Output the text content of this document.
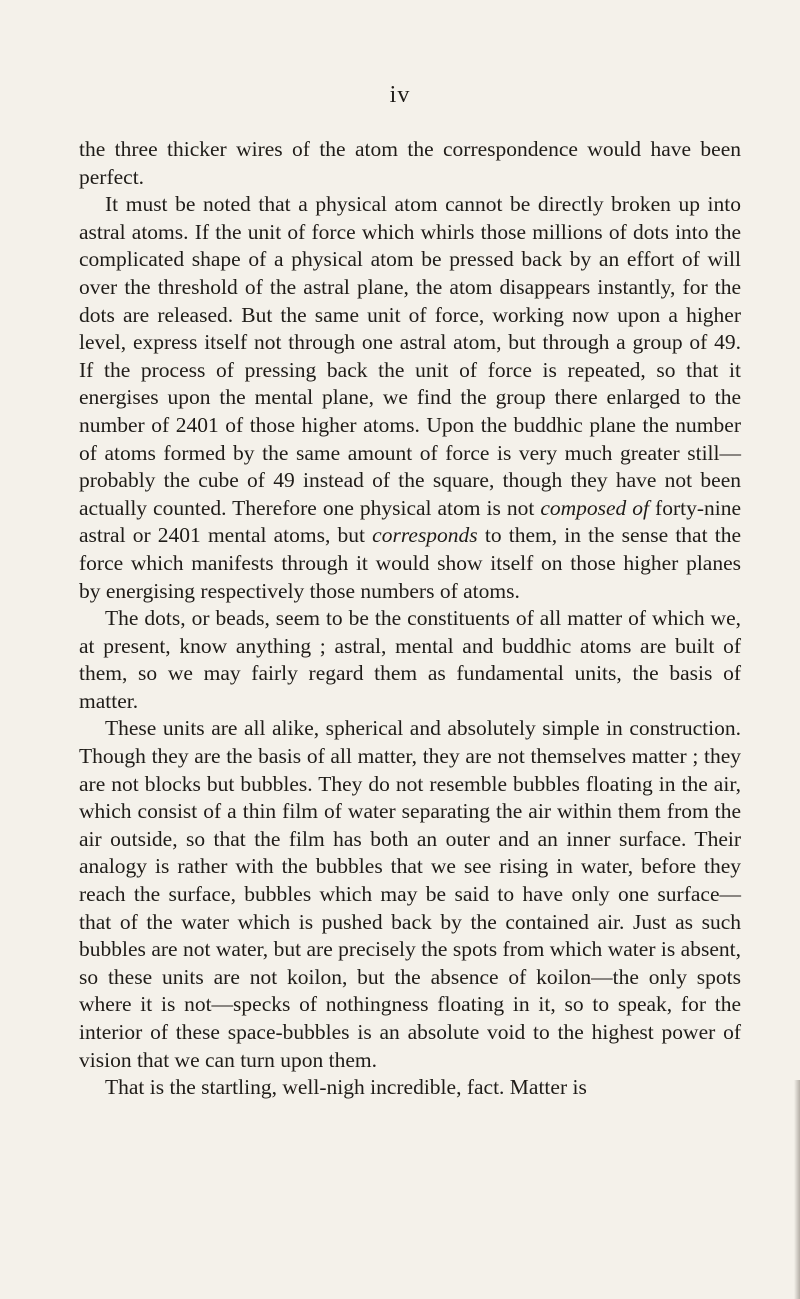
iv

the three thicker wires of the atom the correspondence would have been perfect.

It must be noted that a physical atom cannot be directly broken up into astral atoms. If the unit of force which whirls those millions of dots into the complicated shape of a physical atom be pressed back by an effort of will over the threshold of the astral plane, the atom disappears instantly, for the dots are released. But the same unit of force, working now upon a higher level, express itself not through one astral atom, but through a group of 49. If the process of pressing back the unit of force is repeated, so that it energises upon the mental plane, we find the group there enlarged to the number of 2401 of those higher atoms. Upon the buddhic plane the number of atoms formed by the same amount of force is very much greater still—probably the cube of 49 instead of the square, though they have not been actually counted. Therefore one physical atom is not composed of forty-nine astral or 2401 mental atoms, but corresponds to them, in the sense that the force which manifests through it would show itself on those higher planes by energising respectively those numbers of atoms.

The dots, or beads, seem to be the constituents of all matter of which we, at present, know anything ; astral, mental and buddhic atoms are built of them, so we may fairly regard them as fundamental units, the basis of matter.

These units are all alike, spherical and absolutely simple in construction. Though they are the basis of all matter, they are not themselves matter ; they are not blocks but bubbles. They do not resemble bubbles floating in the air, which consist of a thin film of water separating the air within them from the air outside, so that the film has both an outer and an inner surface. Their analogy is rather with the bubbles that we see rising in water, before they reach the surface, bubbles which may be said to have only one surface— that of the water which is pushed back by the contained air. Just as such bubbles are not water, but are precisely the spots from which water is absent, so these units are not koilon, but the absence of koilon—the only spots where it is not—specks of nothingness floating in it, so to speak, for the interior of these space-bubbles is an absolute void to the highest power of vision that we can turn upon them.

That is the startling, well-nigh incredible, fact. Matter is
